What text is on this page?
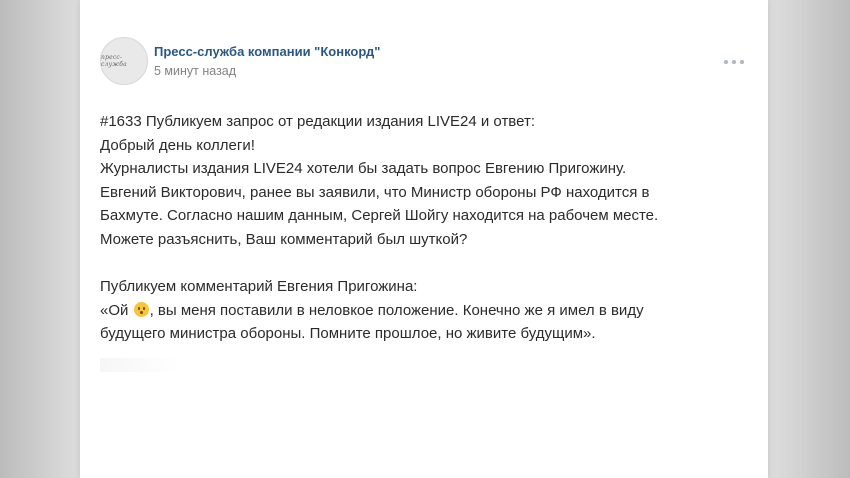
пресс-служба
Пресс-служба компании "Конкорд"
5 минут назад
#1633 Публикуем запрос от редакции издания LIVE24 и ответ:
Добрый день коллеги!
Журналисты издания LIVE24 хотели бы задать вопрос Евгению Пригожину.
Евгений Викторович, ранее вы заявили, что Министр обороны РФ находится в
Бахмуте. Согласно нашим данным, Сергей Шойгу находится на рабочем месте.
Можете разъяснить, Ваш комментарий был шуткой?
Публикуем комментарий Евгения Пригожина:
«Ой , вы меня поставили в неловкое положение. Конечно же я имел в виду
будущего министра обороны. Помните прошлое, но живите будущим».
